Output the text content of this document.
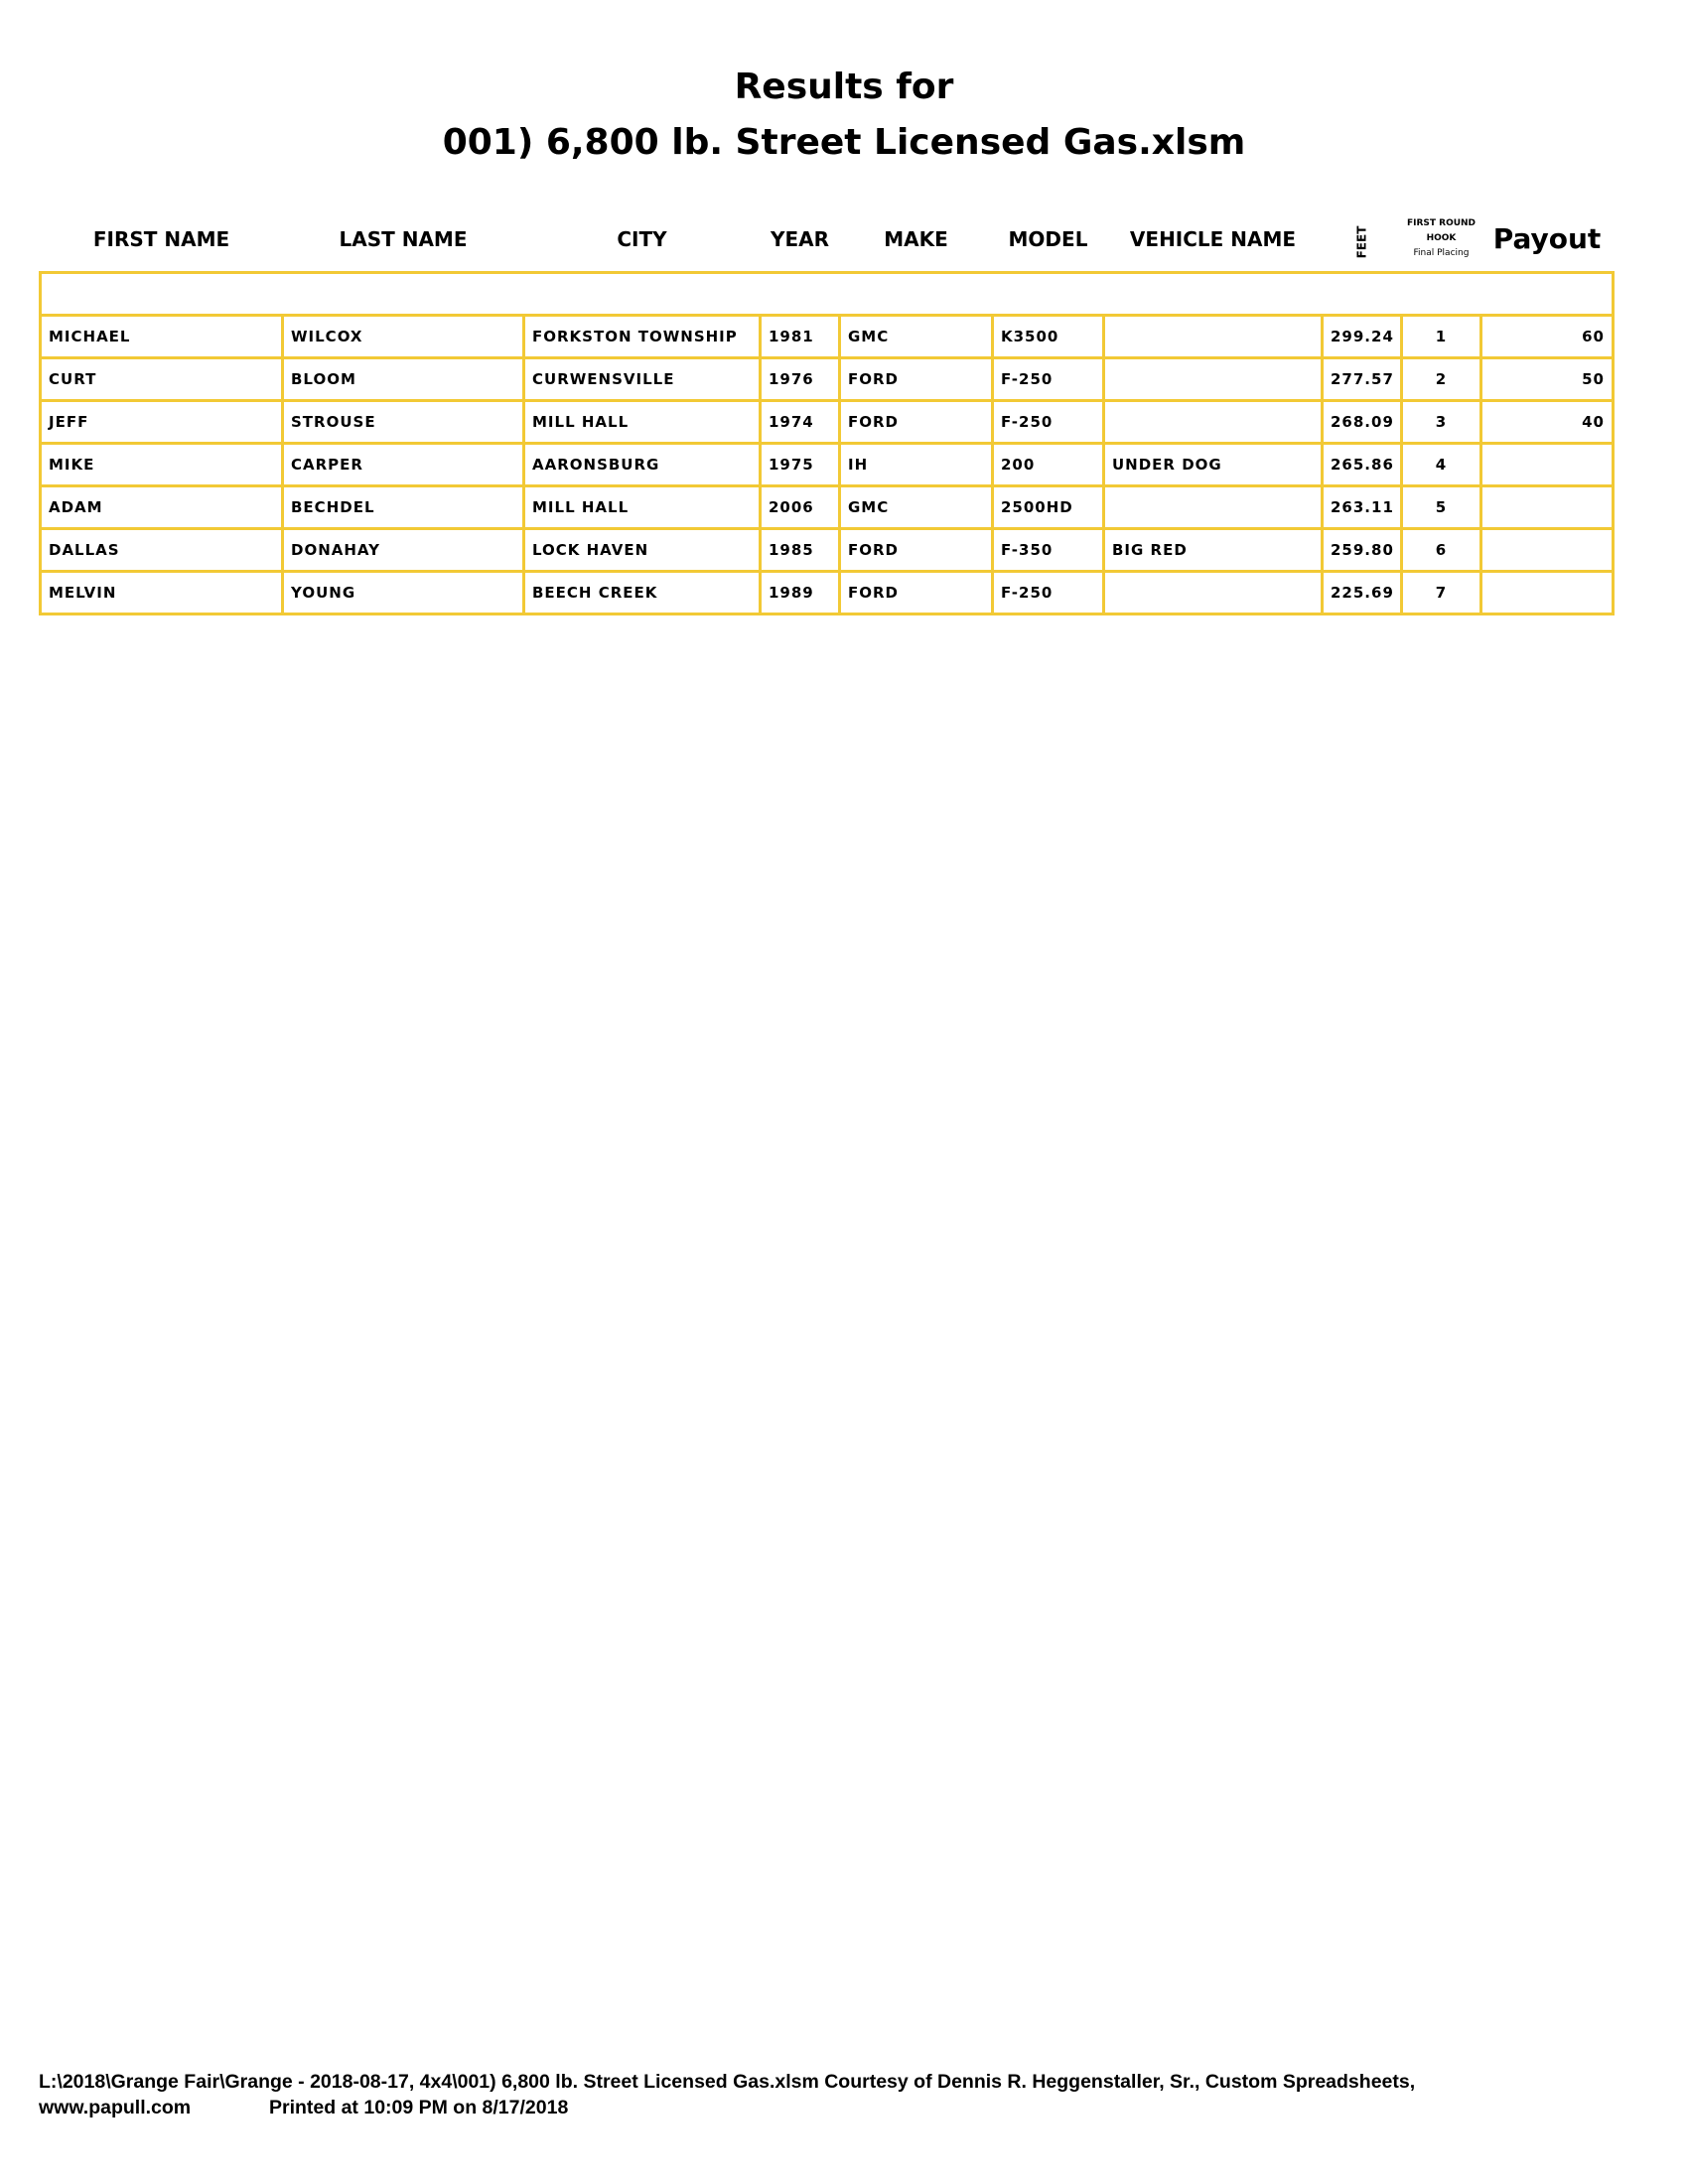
Results for
001) 6,800 lb. Street Licensed Gas.xlsm
FIRST NAME	LAST NAME	CITY	YEAR	MAKE	MODEL	VEHICLE NAME	FEET	FIRST ROUND
HOOK
Final Placing	Payout

MICHAEL	WILCOX	FORKSTON TOWNSHIP	1981	GMC	K3500		299.24	1	60
CURT	BLOOM	CURWENSVILLE	1976	FORD	F-250		277.57	2	50
JEFF	STROUSE	MILL HALL	1974	FORD	F-250		268.09	3	40
MIKE	CARPER	AARONSBURG	1975	IH	200	UNDER DOG	265.86	4	
ADAM	BECHDEL	MILL HALL	2006	GMC	2500HD		263.11	5	
DALLAS	DONAHAY	LOCK HAVEN	1985	FORD	F-350	BIG RED	259.80	6	
MELVIN	YOUNG	BEECH CREEK	1989	FORD	F-250		225.69	7	
L:\2018\Grange Fair\Grange - 2018-08-17, 4x4\001) 6,800 lb. Street Licensed Gas.xlsm Courtesy of Dennis R. Heggenstaller, Sr., Custom Spreadsheets,
www.papull.com	Printed at 10:09 PM on 8/17/2018
